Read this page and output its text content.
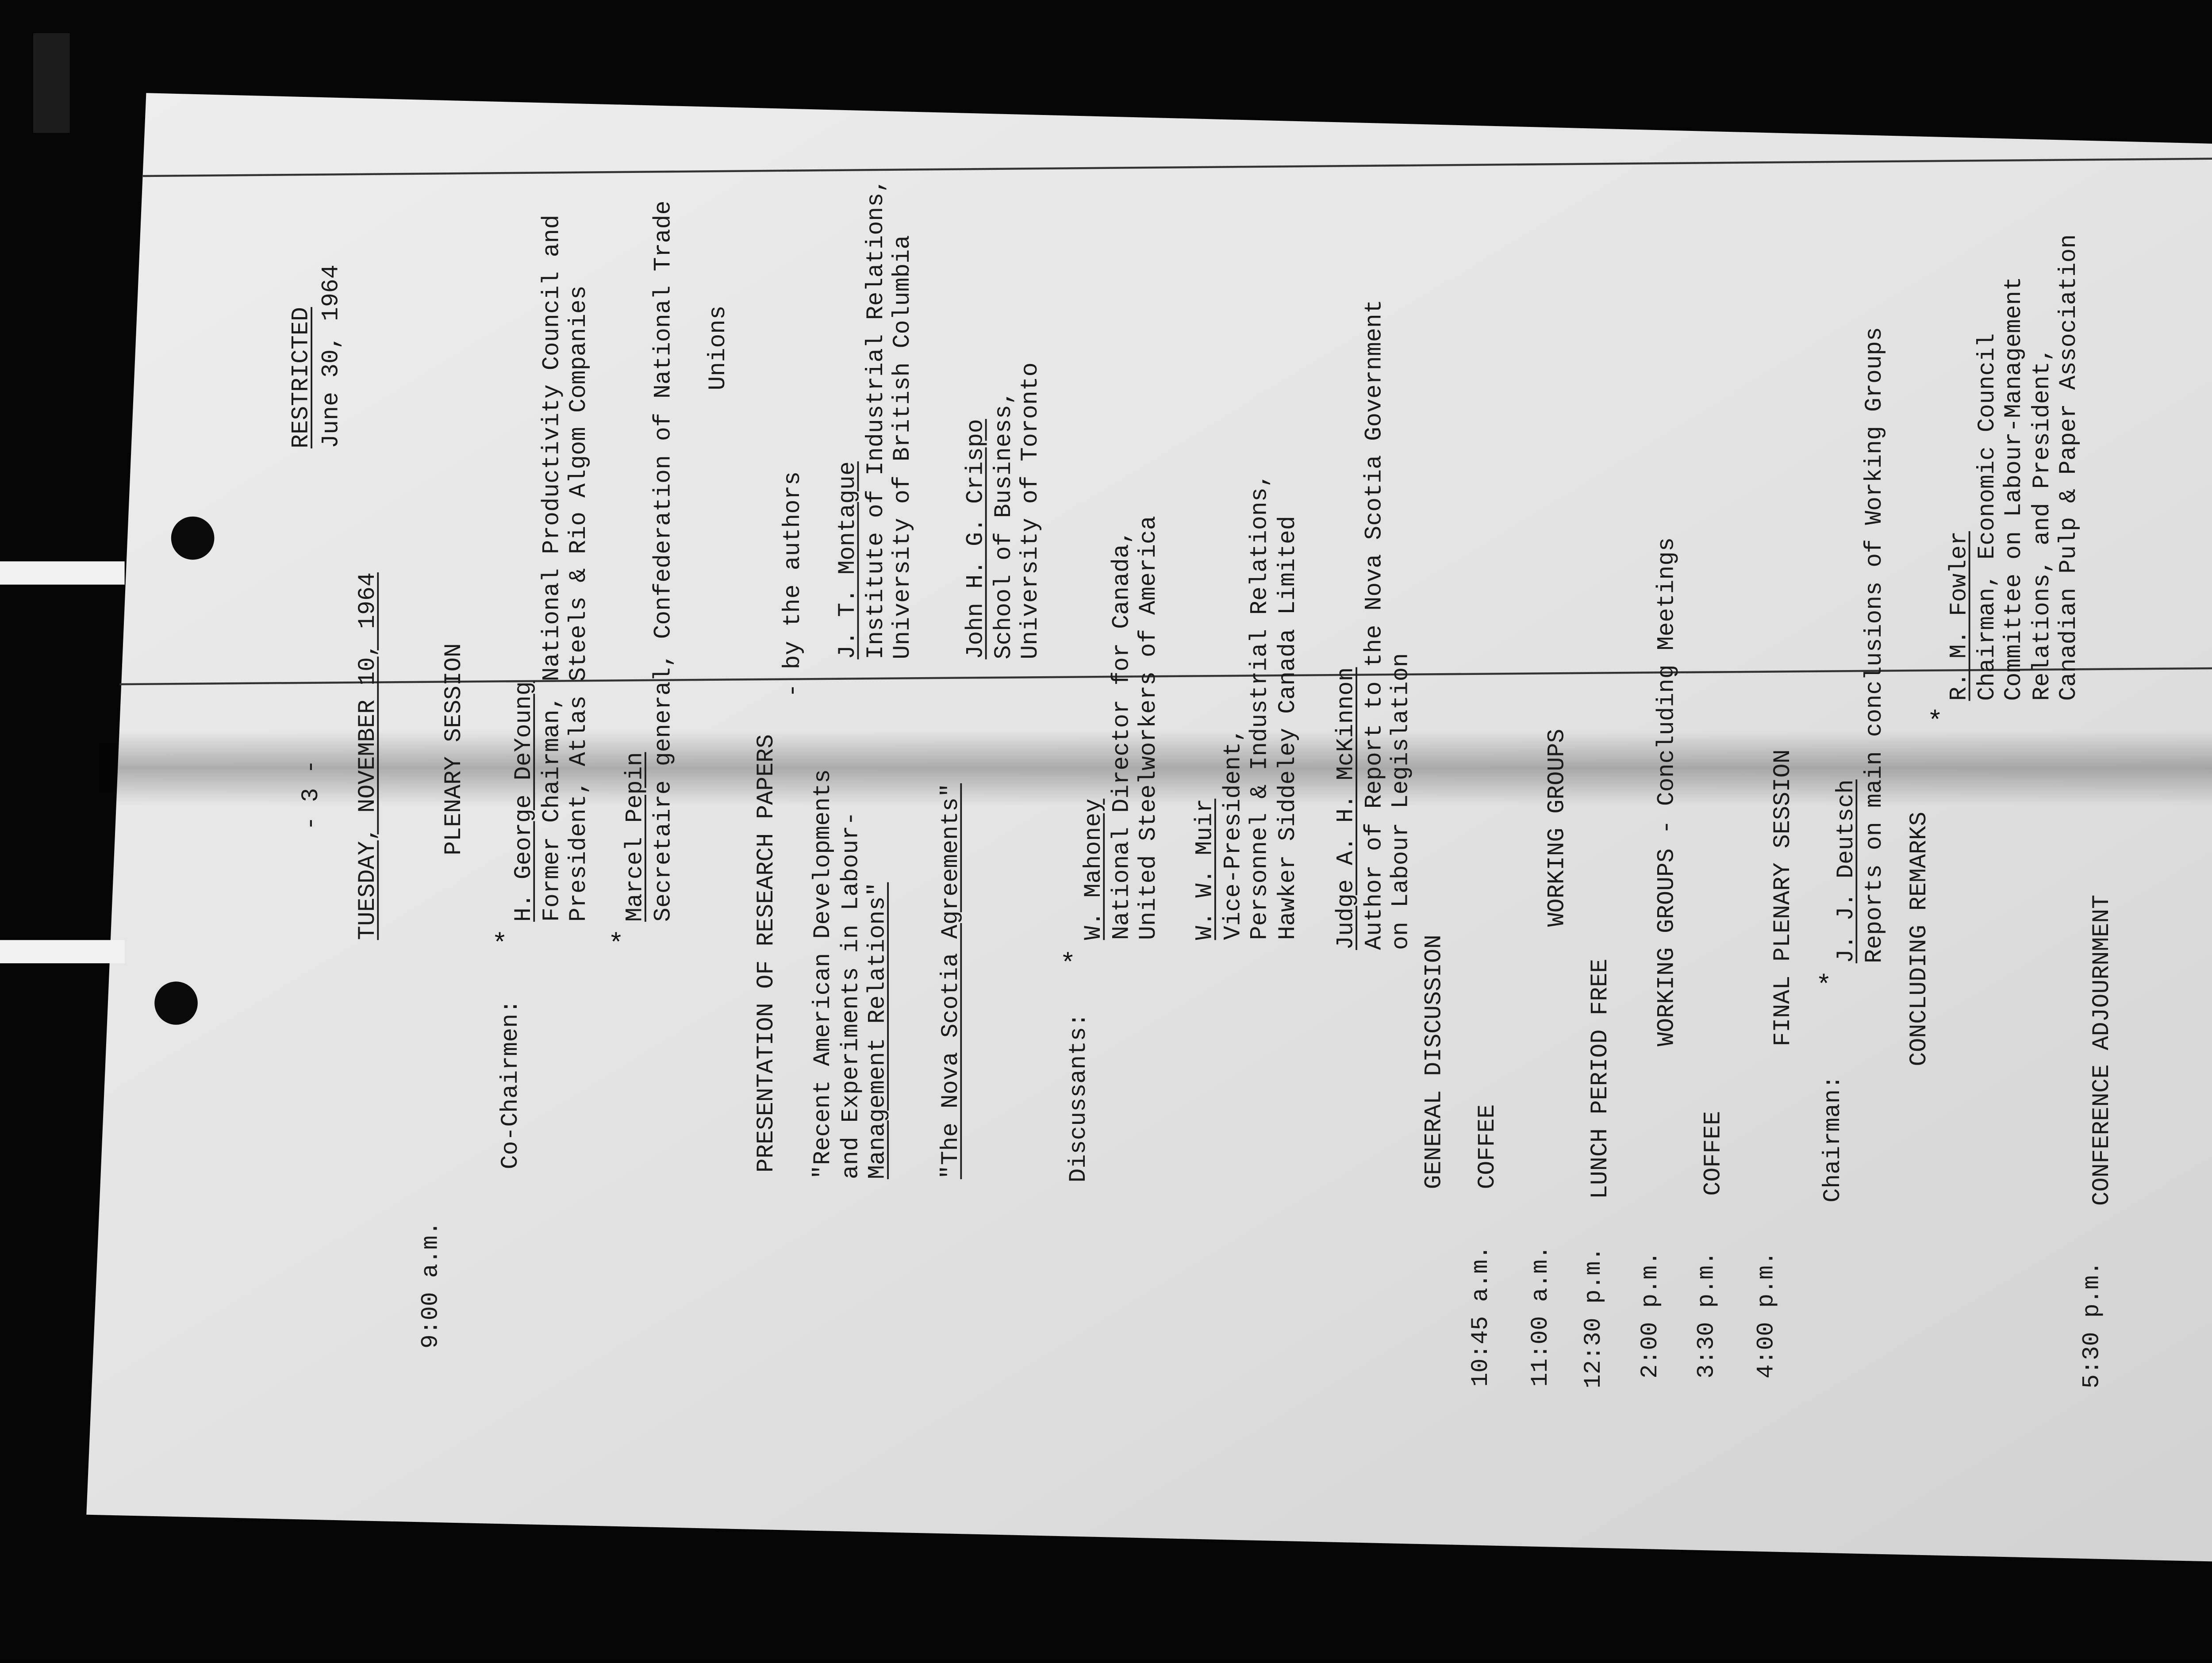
RESTRICTED June 30, 1964
- 3 -	TUESDAY, NOVEMBER 10, 1964
9:00 a.m.
PLENARY SESSION
Co-Chairmen:
*
H. George DeYoung Former Chairman, National Productivity Council and President, Atlas Steels & Rio Algom Companies
*
Marcel Pepin Secretaire general, Confederation of National Trade	Unions
PRESENTATION OF RESEARCH PAPERS
- by the authors
"Recent American Developments and Experiments in Labour- Management Relations"
J. T. Montague Institute of Industrial Relations, University of British Columbia	John H. G. Crispo School of Business, University of Toronto
"The Nova Scotia Agreements"	Discussants:
*
W. Mahoney National Director for Canada, United Steelworkers of America	W. W. Muir Vice-President, Personnel & Industrial Relations, Hawker Siddeley Canada Limited	Judge A. H. McKinnon Author of Report to the Nova Scotia Government on Labour Legislation
GENERAL DISCUSSION
10:45 a.m.
COFFEE
11:00 a.m.
WORKING GROUPS
12:30 p.m.
LUNCH PERIOD FREE
2:00 p.m.
WORKING GROUPS - Concluding Meetings
3:30 p.m.
COFFEE
4:00 p.m.
FINAL PLENARY SESSION
Chairman:
*
J. J. Deutsch Reports on main conclusions of Working Groups	CONCLUDING REMARKS
*
R. M. Fowler Chairman, Economic Council Committee on Labour-Management Relations, and President, Canadian Pulp & Paper Association
5:30 p.m.
CONFERENCE ADJOURNMENT
